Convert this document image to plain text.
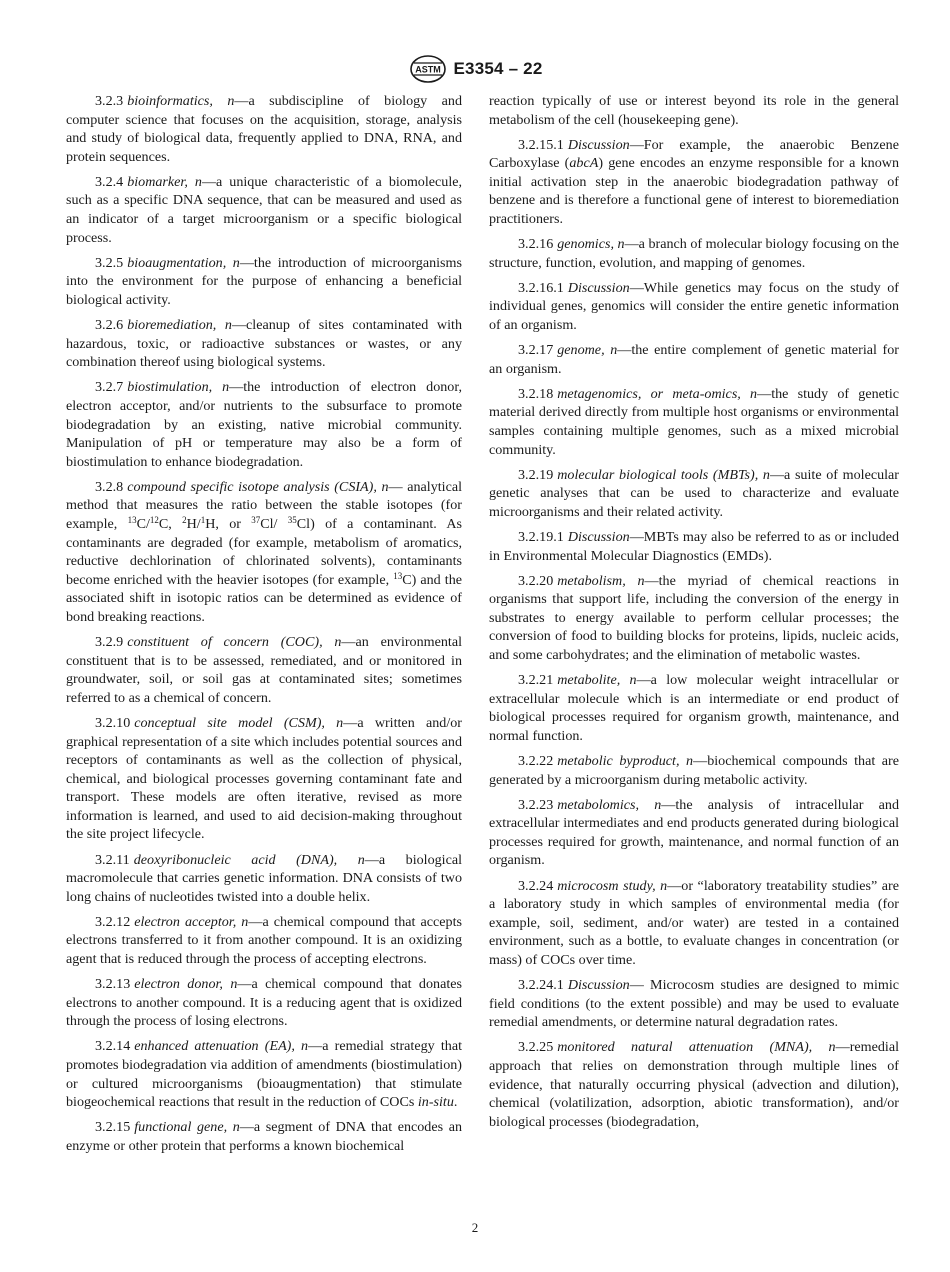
ASTM E3354 – 22

3.2.3 bioinformatics, n—a subdiscipline of biology and computer science that focuses on the acquisition, storage, analysis and study of biological data, frequently applied to DNA, RNA, and protein sequences.

3.2.4 biomarker, n—a unique characteristic of a biomolecule, such as a specific DNA sequence, that can be measured and used as an indicator of a target microorganism or a specific biological process.

3.2.5 bioaugmentation, n—the introduction of microorganisms into the environment for the purpose of enhancing a beneficial biological activity.

3.2.6 bioremediation, n—cleanup of sites contaminated with hazardous, toxic, or radioactive substances or wastes, or any combination thereof using biological systems.

3.2.7 biostimulation, n—the introduction of electron donor, electron acceptor, and/or nutrients to the subsurface to promote biodegradation by an existing, native microbial community. Manipulation of pH or temperature may also be a form of biostimulation to enhance biodegradation.

3.2.8 compound specific isotope analysis (CSIA), n— analytical method that measures the ratio between the stable isotopes (for example, $^{13}$C/$^{12}$C, $^2$H/$^1$H, or $^{37}$Cl/ $^{35}$Cl) of a contaminant. As contaminants are degraded (for example, metabolism of aromatics, reductive dechlorination of chlorinated solvents), contaminants become enriched with the heavier isotopes (for example, $^{13}$C) and the associated shift in isotopic ratios can be determined as evidence of bond breaking reactions.

3.2.9 constituent of concern (COC), n—an environmental constituent that is to be assessed, remediated, and or monitored in groundwater, soil, or soil gas at contaminated sites; sometimes referred to as a chemical of concern.

3.2.10 conceptual site model (CSM), n—a written and/or graphical representation of a site which includes potential sources and receptors of contaminants as well as the collection of physical, chemical, and biological processes governing contaminant fate and transport. These models are often iterative, revised as more information is learned, and used to aid decision-making throughout the site project lifecycle.

3.2.11 deoxyribonucleic acid (DNA), n—a biological macromolecule that carries genetic information. DNA consists of two long chains of nucleotides twisted into a double helix.

3.2.12 electron acceptor, n—a chemical compound that accepts electrons transferred to it from another compound. It is an oxidizing agent that is reduced through the process of accepting electrons.

3.2.13 electron donor, n—a chemical compound that donates electrons to another compound. It is a reducing agent that is oxidized through the process of losing electrons.

3.2.14 enhanced attenuation (EA), n—a remedial strategy that promotes biodegradation via addition of amendments (biostimulation) or cultured microorganisms (bioaugmentation) that stimulate biogeochemical reactions that result in the reduction of COCs in-situ.

3.2.15 functional gene, n—a segment of DNA that encodes an enzyme or other protein that performs a known biochemical

reaction typically of use or interest beyond its role in the general metabolism of the cell (housekeeping gene).

3.2.15.1 Discussion—For example, the anaerobic Benzene Carboxylase (abcA) gene encodes an enzyme responsible for a known initial activation step in the anaerobic biodegradation pathway of benzene and is therefore a functional gene of interest to bioremediation practitioners.

3.2.16 genomics, n—a branch of molecular biology focusing on the structure, function, evolution, and mapping of genomes.

3.2.16.1 Discussion—While genetics may focus on the study of individual genes, genomics will consider the entire genetic information of an organism.

3.2.17 genome, n—the entire complement of genetic material for an organism.

3.2.18 metagenomics, or meta-omics, n—the study of genetic material derived directly from multiple host organisms or environmental samples containing multiple genomes, such as a mixed microbial community.

3.2.19 molecular biological tools (MBTs), n—a suite of molecular genetic analyses that can be used to characterize and evaluate microorganisms and their related activity.

3.2.19.1 Discussion—MBTs may also be referred to as or included in Environmental Molecular Diagnostics (EMDs).

3.2.20 metabolism, n—the myriad of chemical reactions in organisms that support life, including the conversion of the energy in substrates to energy available to perform cellular processes; the conversion of food to building blocks for proteins, lipids, nucleic acids, and some carbohydrates; and the elimination of metabolic wastes.

3.2.21 metabolite, n—a low molecular weight intracellular or extracellular molecule which is an intermediate or end product of biological processes required for organism growth, maintenance, and normal function.

3.2.22 metabolic byproduct, n—biochemical compounds that are generated by a microorganism during metabolic activity.

3.2.23 metabolomics, n—the analysis of intracellular and extracellular intermediates and end products generated during biological processes required for growth, maintenance, and normal function of an organism.

3.2.24 microcosm study, n—or “laboratory treatability studies” are a laboratory study in which samples of environmental media (for example, soil, sediment, and/or water) are tested in a contained environment, such as a bottle, to evaluate changes in concentration (or mass) of COCs over time.

3.2.24.1 Discussion— Microcosm studies are designed to mimic field conditions (to the extent possible) and may be used to evaluate remedial amendments, or determine natural degradation rates.

3.2.25 monitored natural attenuation (MNA), n—remedial approach that relies on demonstration through multiple lines of evidence, that naturally occurring physical (advection and dilution), chemical (volatilization, adsorption, abiotic transformation), and/or biological processes (biodegradation,

2
